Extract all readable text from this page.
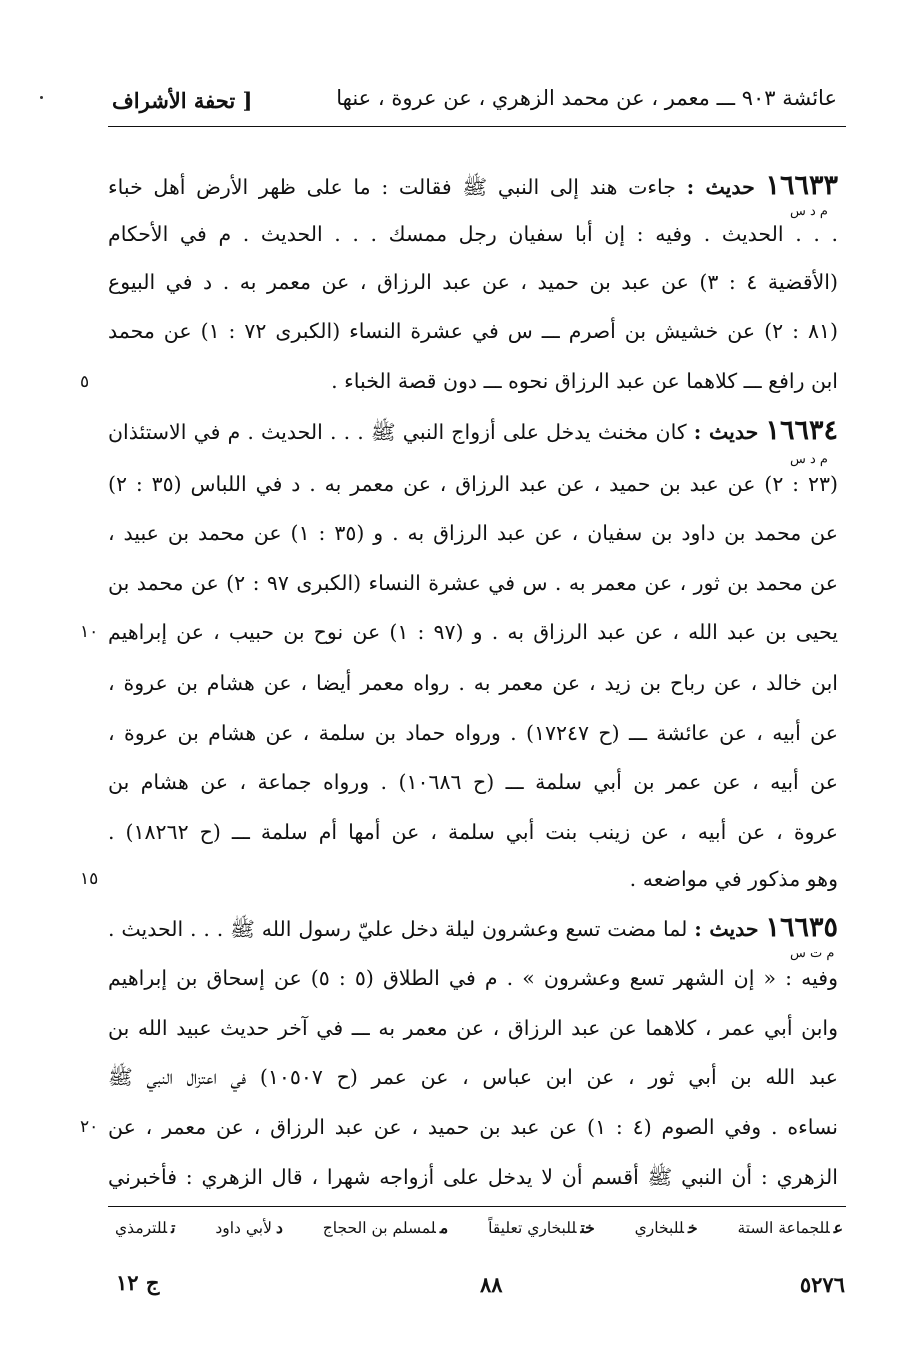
عائشة ٩٠٣ ـــ معمر ، عن محمد الزهري ، عن عروة ، عنها
[ تحفة الأشراف
١٦٦٣٣ حديث : جاءت هند إلى النبي ﷺ فقالت : ما على ظهر الأرض أهل خباء
م د س
. . . الحديث . وفيه : إن أبا سفيان رجل ممسك . . . الحديث . م في الأحكام
(الأقضية ٤ : ٣) عن عبد بن حميد ، عن عبد الرزاق ، عن معمر به . د في البيوع
(٨١ : ٢) عن خشيش بن أصرم ـــ س في عشرة النساء (الكبرى ٧٢ : ١) عن محمد
ابن رافع ـــ كلاهما عن عبد الرزاق نحوه ـــ دون قصة الخباء .
٥
١٦٦٣٤ حديث : كان مخنث يدخل على أزواج النبي ﷺ . . . الحديث . م في الاستئذان
م د س
(٢٣ : ٢) عن عبد بن حميد ، عن عبد الرزاق ، عن معمر به . د في اللباس (٣٥ : ٢)
عن محمد بن داود بن سفيان ، عن عبد الرزاق به . و (٣٥ : ١) عن محمد بن عبيد ،
عن محمد بن ثور ، عن معمر به . س في عشرة النساء (الكبرى ٩٧ : ٢) عن محمد بن
يحيى بن عبد الله ، عن عبد الرزاق به . و (٩٧ : ١) عن نوح بن حبيب ، عن إبراهيم
١٠
ابن خالد ، عن رباح بن زيد ، عن معمر به . رواه معمر أيضا ، عن هشام بن عروة ،
عن أبيه ، عن عائشة ـــ (ح ١٧٢٤٧) . ورواه حماد بن سلمة ، عن هشام بن عروة ،
عن أبيه ، عن عمر بن أبي سلمة ـــ (ح ١٠٦٨٦) . ورواه جماعة ، عن هشام بن
عروة ، عن أبيه ، عن زينب بنت أبي سلمة ، عن أمها أم سلمة ـــ (ح ١٨٢٦٢) .
وهو مذكور في مواضعه .
١٥
١٦٦٣٥ حديث : لما مضت تسع وعشرون ليلة دخل عليّ رسول الله ﷺ . . . الحديث .
م ت س
وفيه : « إن الشهر تسع وعشرون » . م في الطلاق (٥ : ٥) عن إسحاق بن إبراهيم
وابن أبي عمر ، كلاهما عن عبد الرزاق ، عن معمر به ـــ في آخر حديث عبيد الله بن
عبد الله بن أبي ثور ، عن ابن عباس ، عن عمر (ح ١٠٥٠٧) في اعتزال النبي ﷺ
نساءه . وفي الصوم (٤ : ١) عن عبد بن حميد ، عن عبد الرزاق ، عن معمر ، عن
٢٠
الزهري : أن النبي ﷺ أقسم أن لا يدخل على أزواجه شهرا ، قال الزهري : فأخبرني
عللجماعة الستة
خللبخاري
ختللبخاري تعليقاً
ملمسلم بن الحجاج
دلأبي داود
تللترمذي
٥٢٧٦
٨٨
ج ١٢
